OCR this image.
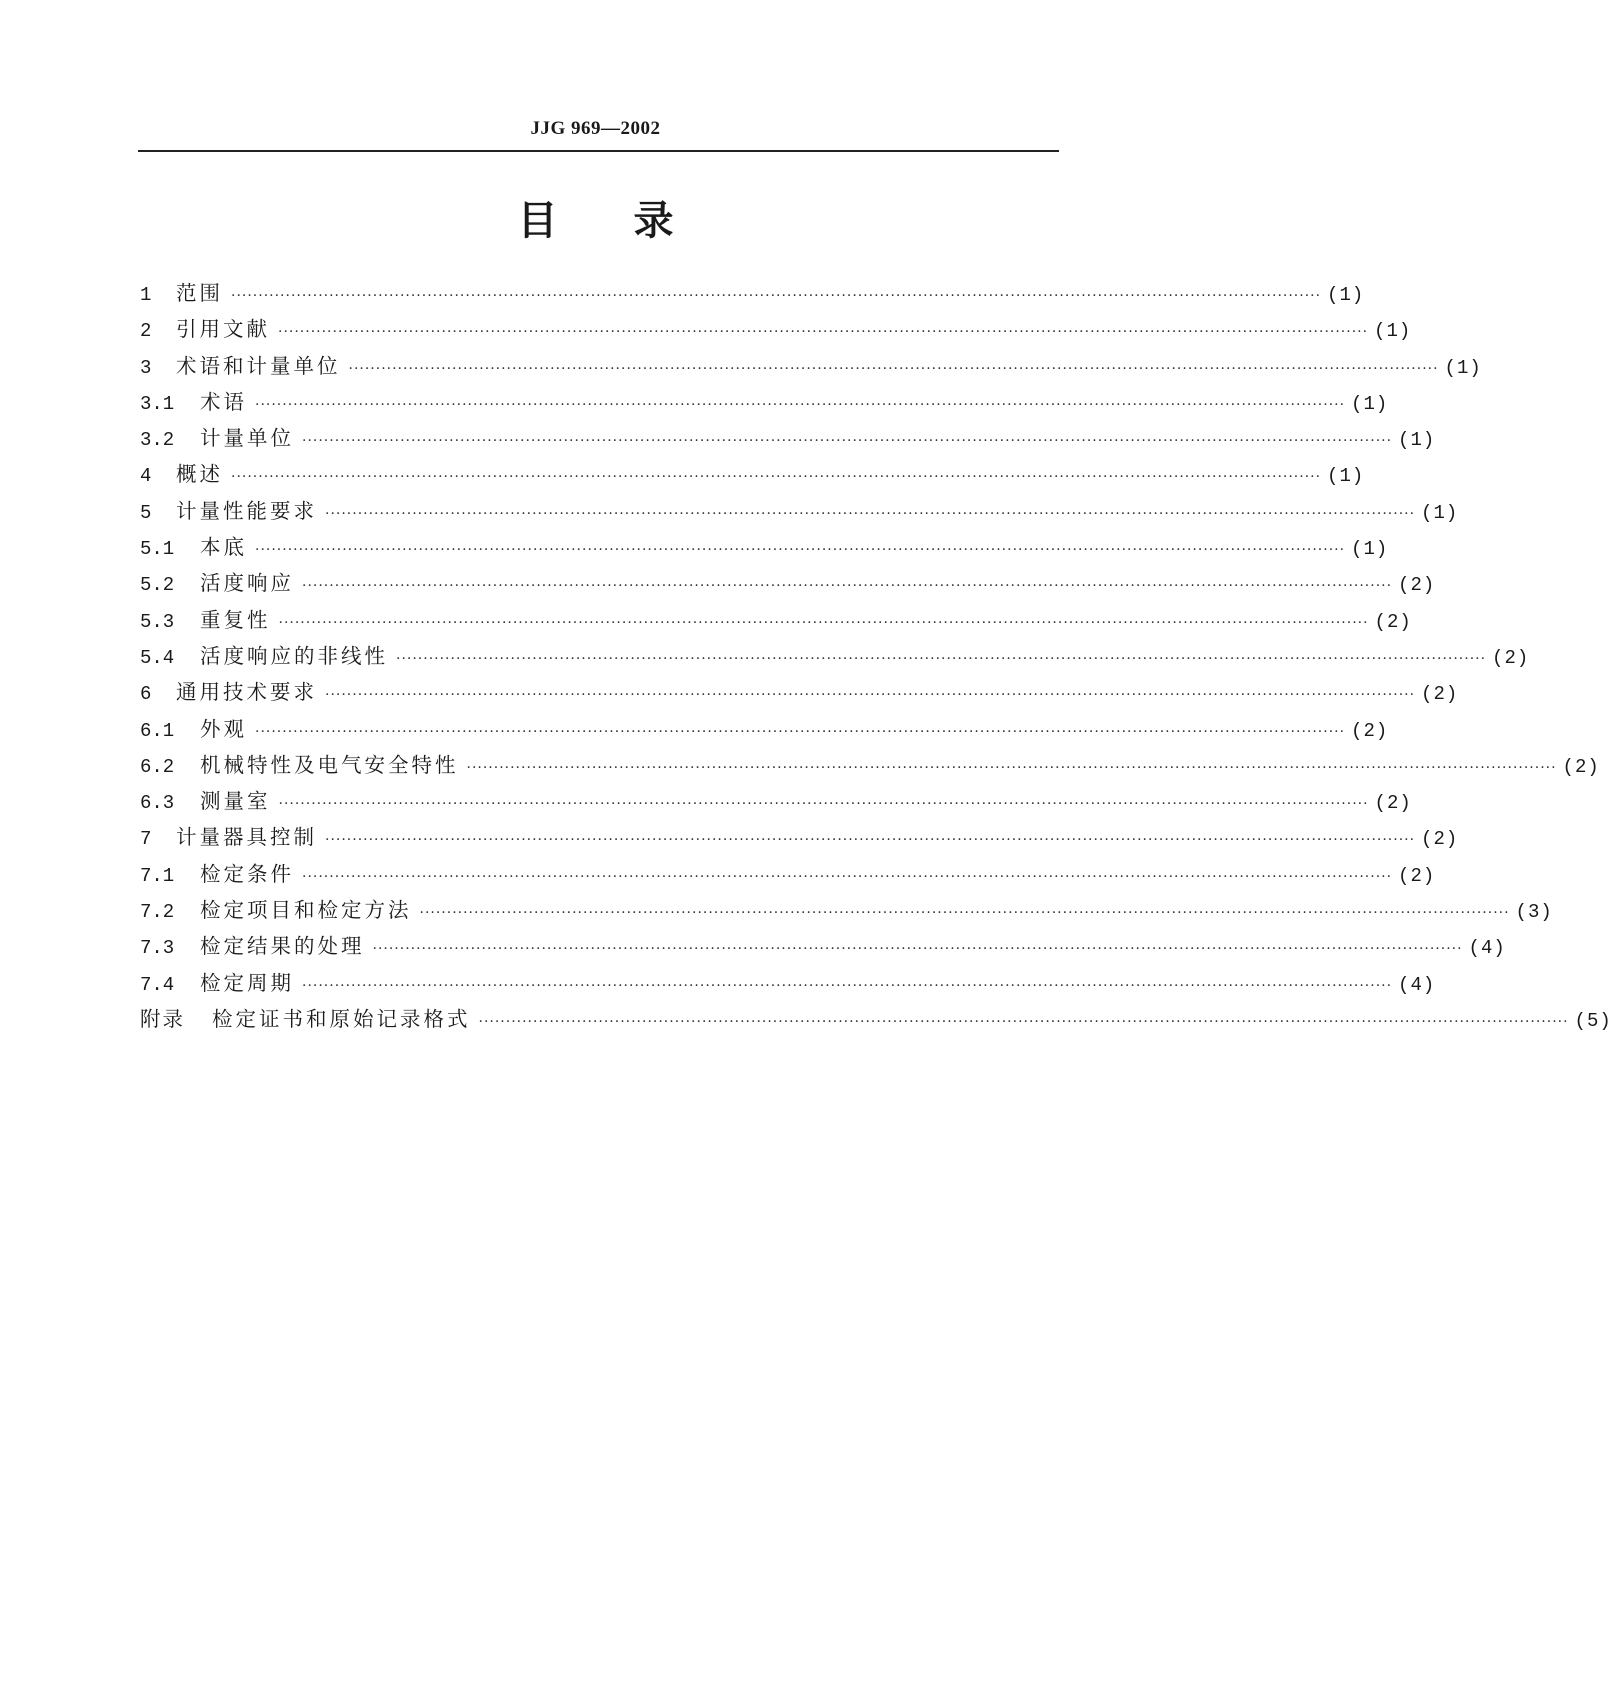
JJG 969—2002
目录
1	范围 ········································································································································································································ (1)
2	引用文献 ········································································································································································································ (1)
3	术语和计量单位 ········································································································································································································ (1)
3.1	术语 ········································································································································································································ (1)
3.2	计量单位 ········································································································································································································ (1)
4	概述 ········································································································································································································ (1)
5	计量性能要求 ········································································································································································································ (1)
5.1	本底 ········································································································································································································ (1)
5.2	活度响应 ········································································································································································································ (2)
5.3	重复性 ········································································································································································································ (2)
5.4	活度响应的非线性 ········································································································································································································ (2)
6	通用技术要求 ········································································································································································································ (2)
6.1	外观 ········································································································································································································ (2)
6.2	机械特性及电气安全特性 ········································································································································································································ (2)
6.3	测量室 ········································································································································································································ (2)
7	计量器具控制 ········································································································································································································ (2)
7.1	检定条件 ········································································································································································································ (2)
7.2	检定项目和检定方法 ········································································································································································································ (3)
7.3	检定结果的处理 ········································································································································································································ (4)
7.4	检定周期 ········································································································································································································ (4)
附录	检定证书和原始记录格式 ········································································································································································································ (5)
